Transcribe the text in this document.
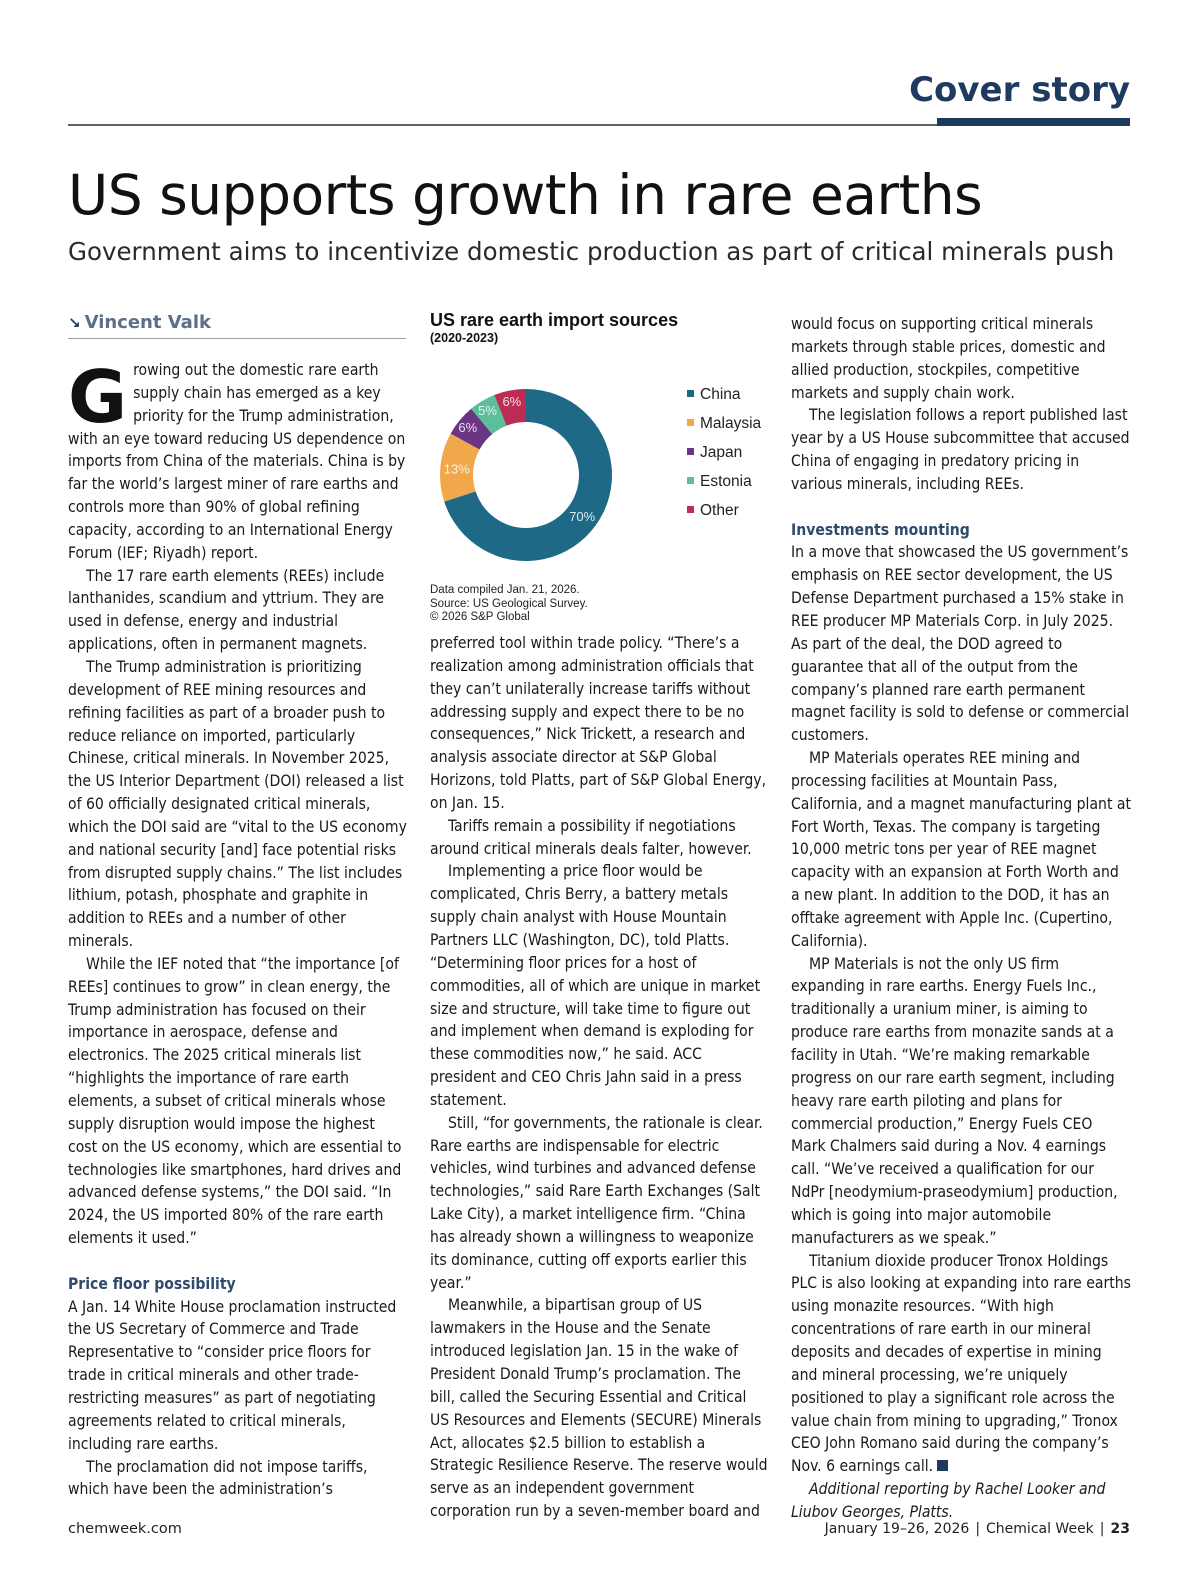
Cover story
US supports growth in rare earths

Government aims to incentivize domestic production as part of critical minerals push

↘ Vincent Valk

Growing out the domestic rare earth supply chain has emerged as a key priority for the Trump administration, with an eye toward reducing US dependence on imports from China of the materials. China is by far the world’s largest miner of rare earths and controls more than 90% of global refining capacity, according to an International Energy Forum (IEF; Riyadh) report.

The 17 rare earth elements (REEs) include lanthanides, scandium and yttrium. They are used in defense, energy and industrial applications, often in permanent magnets.

The Trump administration is prioritizing development of REE mining resources and refining facilities as part of a broader push to reduce reliance on imported, particularly Chinese, critical minerals. In November 2025, the US Interior Department (DOI) released a list of 60 officially designated critical minerals, which the DOI said are “vital to the US economy and national security [and] face potential risks from disrupted supply chains.” The list includes lithium, potash, phosphate and graphite in addition to REEs and a number of other minerals.

While the IEF noted that “the importance [of REEs] continues to grow” in clean energy, the Trump administration has focused on their importance in aerospace, defense and electronics. The 2025 critical minerals list “highlights the importance of rare earth elements, a subset of critical minerals whose supply disruption would impose the highest cost on the US economy, which are essential to technologies like smartphones, hard drives and advanced defense systems,” the DOI said. “In 2024, the US imported 80% of the rare earth elements it used.”

Price floor possibility

A Jan. 14 White House proclamation instructed the US Secretary of Commerce and Trade Representative to “consider price floors for trade in critical minerals and other trade-restricting measures” as part of negotiating agreements related to critical minerals, including rare earths.

The proclamation did not impose tariffs, which have been the administration’s

US rare earth import sources
(2020-2023)
70%
13%
6%
5%
6%	China
Malaysia
Japan
Estonia
Other
Data compiled Jan. 21, 2026.
Source: US Geological Survey.
© 2026 S&P Global

preferred tool within trade policy. “There’s a realization among administration officials that they can’t unilaterally increase tariffs without addressing supply and expect there to be no consequences,” Nick Trickett, a research and analysis associate director at S&P Global Horizons, told Platts, part of S&P Global Energy, on Jan. 15.

Tariffs remain a possibility if negotiations around critical minerals deals falter, however.

Implementing a price floor would be complicated, Chris Berry, a battery metals supply chain analyst with House Mountain Partners LLC (Washington, DC), told Platts. “Determining floor prices for a host of commodities, all of which are unique in market size and structure, will take time to figure out and implement when demand is exploding for these commodities now,” he said. ACC president and CEO Chris Jahn said in a press statement.

Still, “for governments, the rationale is clear. Rare earths are indispensable for electric vehicles, wind turbines and advanced defense technologies,” said Rare Earth Exchanges (Salt Lake City), a market intelligence firm. “China has already shown a willingness to weaponize its dominance, cutting off exports earlier this year.”

Meanwhile, a bipartisan group of US lawmakers in the House and the Senate introduced legislation Jan. 15 in the wake of President Donald Trump’s proclamation. The bill, called the Securing Essential and Critical US Resources and Elements (SECURE) Minerals Act, allocates $2.5 billion to establish a Strategic Resilience Reserve. The reserve would serve as an independent government corporation run by a seven-member board and

would focus on supporting critical minerals markets through stable prices, domestic and allied production, stockpiles, competitive markets and supply chain work.

The legislation follows a report published last year by a US House subcommittee that accused China of engaging in predatory pricing in various minerals, including REEs.

Investments mounting

In a move that showcased the US government’s emphasis on REE sector development, the US Defense Department purchased a 15% stake in REE producer MP Materials Corp. in July 2025. As part of the deal, the DOD agreed to guarantee that all of the output from the company’s planned rare earth permanent magnet facility is sold to defense or commercial customers.

MP Materials operates REE mining and processing facilities at Mountain Pass, California, and a magnet manufacturing plant at Fort Worth, Texas. The company is targeting 10,000 metric tons per year of REE magnet capacity with an expansion at Forth Worth and a new plant. In addition to the DOD, it has an offtake agreement with Apple Inc. (Cupertino, California).

MP Materials is not the only US firm expanding in rare earths. Energy Fuels Inc., traditionally a uranium miner, is aiming to produce rare earths from monazite sands at a facility in Utah. “We’re making remarkable progress on our rare earth segment, including heavy rare earth piloting and plans for commercial production,” Energy Fuels CEO Mark Chalmers said during a Nov. 4 earnings call. “We’ve received a qualification for our NdPr [neodymium-praseodymium] production, which is going into major automobile manufacturers as we speak.”

Titanium dioxide producer Tronox Holdings PLC is also looking at expanding into rare earths using monazite resources. “With high concentrations of rare earth in our mineral deposits and decades of expertise in mining and mineral processing, we’re uniquely positioned to play a significant role across the value chain from mining to upgrading,” Tronox CEO John Romano said during the company’s Nov. 6 earnings call.

Additional reporting by Rachel Looker and Liubov Georges, Platts.

chemweek.com	January 19–26, 2026 | Chemical Week | 23
